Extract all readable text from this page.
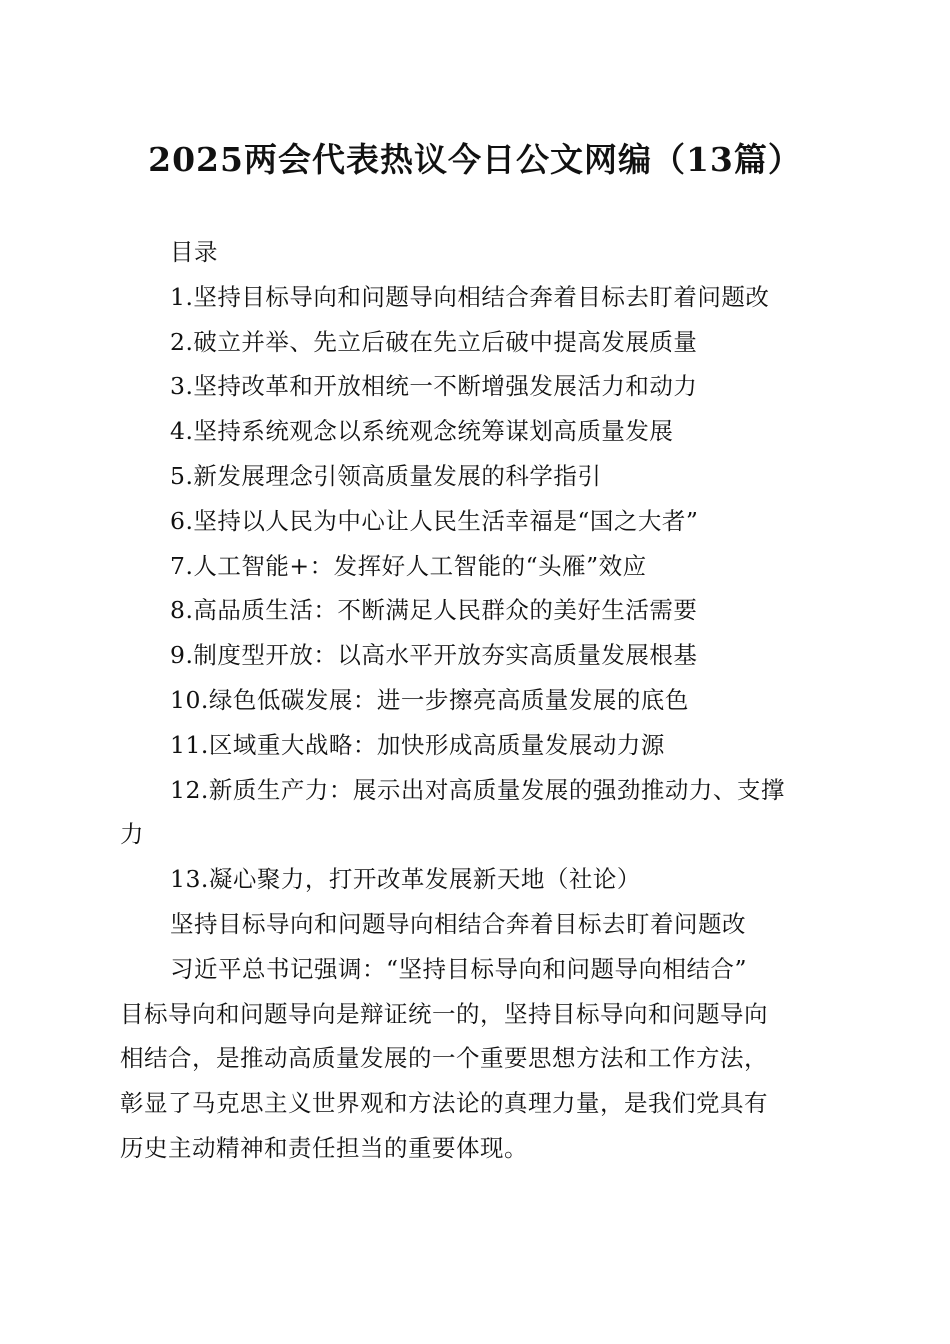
2025两会代表热议今日公文网编（13篇）
目录
1.坚持目标导向和问题导向相结合奔着目标去盯着问题改
2.破立并举、先立后破在先立后破中提高发展质量
3.坚持改革和开放相统一不断增强发展活力和动力
4.坚持系统观念以系统观念统筹谋划高质量发展
5.新发展理念引领高质量发展的科学指引
6.坚持以人民为中心让人民生活幸福是“国之大者”
7.人工智能+：发挥好人工智能的“头雁”效应
8.高品质生活：不断满足人民群众的美好生活需要
9.制度型开放：以高水平开放夯实高质量发展根基
10.绿色低碳发展：进一步擦亮高质量发展的底色
11.区域重大战略：加快形成高质量发展动力源
12.新质生产力：展示出对高质量发展的强劲推动力、支撑
力
13.凝心聚力，打开改革发展新天地（社论）
坚持目标导向和问题导向相结合奔着目标去盯着问题改
习近平总书记强调：“坚持目标导向和问题导向相结合”
目标导向和问题导向是辩证统一的，坚持目标导向和问题导向
相结合，是推动高质量发展的一个重要思想方法和工作方法，
彰显了马克思主义世界观和方法论的真理力量，是我们党具有
历史主动精神和责任担当的重要体现。
